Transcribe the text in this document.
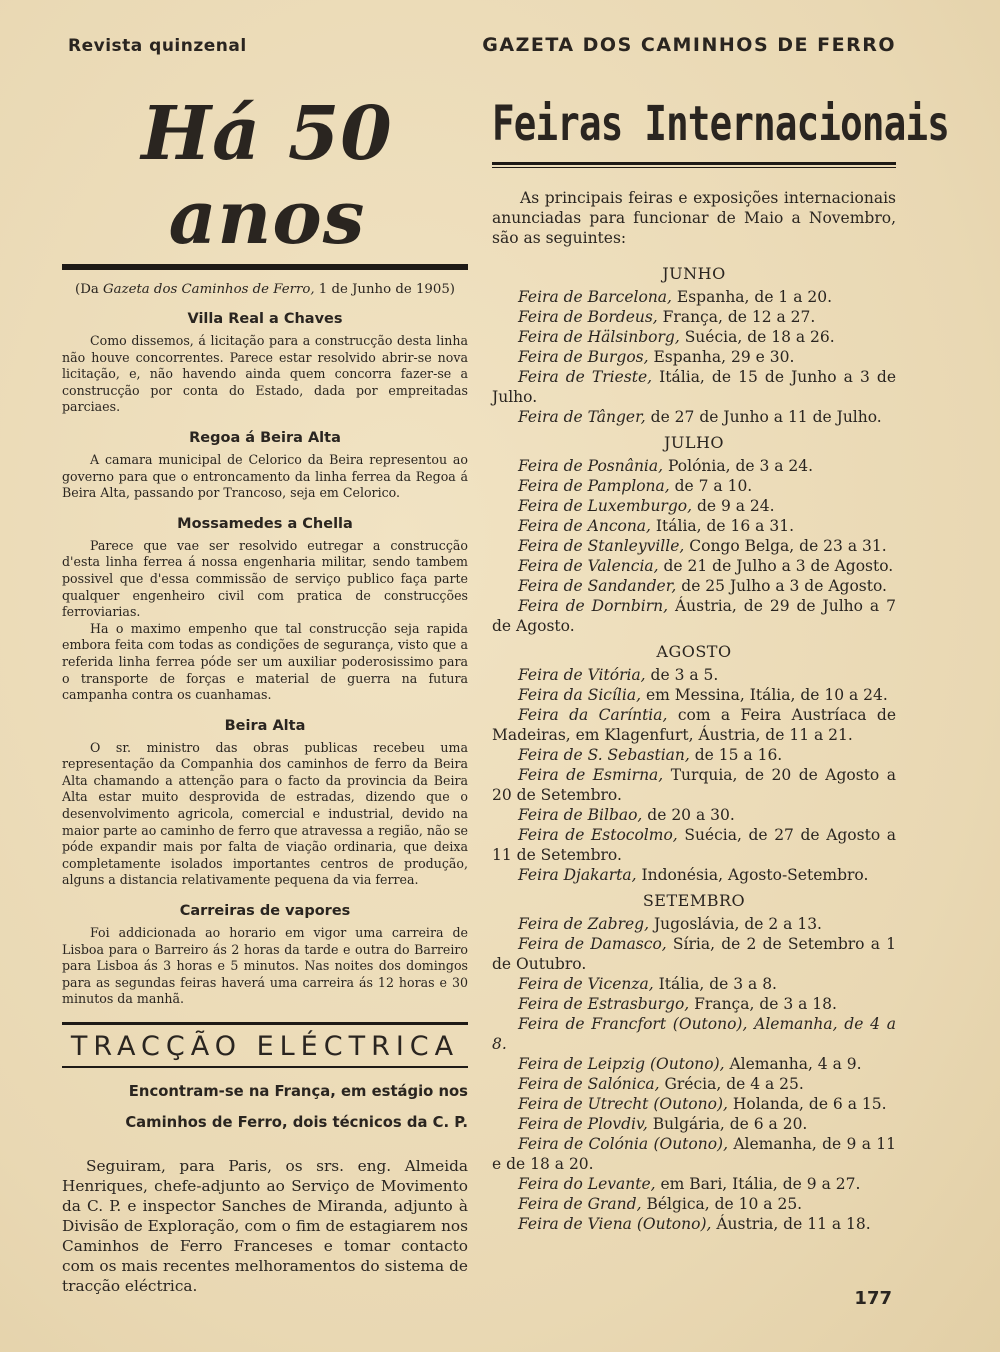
Revista quinzenal	GAZETA DOS CAMINHOS DE FERRO
Há 50 anos
(Da Gazeta dos Caminhos de Ferro, 1 de Junho de 1905)
Villa Real a Chaves

Como dissemos, á licitação para a construcção desta linha não houve concorrentes. Parece estar resolvido abrir-se nova licitação, e, não havendo ainda quem concorra fazer-se a construcção por conta do Estado, dada por empreitadas parciaes.

Regoa á Beira Alta

A camara municipal de Celorico da Beira representou ao governo para que o entroncamento da linha ferrea da Regoa á Beira Alta, passando por Trancoso, seja em Celorico.

Mossamedes a Chella

Parece que vae ser resolvido eutregar a construcção d'esta linha ferrea á nossa engenharia militar, sendo tambem possivel que d'essa commissão de serviço publico faça parte qualquer engenheiro civil com pratica de construcções ferroviarias.

Ha o maximo empenho que tal construcção seja rapida embora feita com todas as condições de segurança, visto que a referida linha ferrea póde ser um auxiliar poderosissimo para o transporte de forças e material de guerra na futura campanha contra os cuanhamas.

Beira Alta

O sr. ministro das obras publicas recebeu uma representação da Companhia dos caminhos de ferro da Beira Alta chamando a attenção para o facto da provincia da Beira Alta estar muito desprovida de estradas, dizendo que o desenvolvimento agricola, comercial e industrial, devido na maior parte ao caminho de ferro que atravessa a região, não se póde expandir mais por falta de viação ordinaria, que deixa completamente isolados importantes centros de produção, alguns a distancia relativamente pequena da via ferrea.

Carreiras de vapores

Foi addicionada ao horario em vigor uma carreira de Lisboa para o Barreiro ás 2 horas da tarde e outra do Barreiro para Lisboa ás 3 horas e 5 minutos. Nas noites dos domingos para as segundas feiras haverá uma carreira ás 12 horas e 30 minutos da manhã.

TRACÇÃO ELÉCTRICA
Encontram-se na França, em estágio nos
Caminhos de Ferro, dois técnicos da C. P.

Seguiram, para Paris, os srs. eng. Almeida Henriques, chefe-adjunto ao Serviço de Movimento da C. P. e inspector Sanches de Miranda, adjunto à Divisão de Exploração, com o fim de estagiarem nos Caminhos de Ferro Franceses e tomar contacto com os mais recentes melhoramentos do sistema de tracção eléctrica.

Feiras Internacionais

As principais feiras e exposições internacionais anunciadas para funcionar de Maio a Novembro, são as seguintes:

JUNHO
Feira de Barcelona, Espanha, de 1 a 20.
Feira de Bordeus, França, de 12 a 27.
Feira de Hälsinborg, Suécia, de 18 a 26.
Feira de Burgos, Espanha, 29 e 30.
Feira de Trieste, Itália, de 15 de Junho a 3 de Julho.
Feira de Tânger, de 27 de Junho a 11 de Julho.
JULHO
Feira de Posnânia, Polónia, de 3 a 24.
Feira de Pamplona, de 7 a 10.
Feira de Luxemburgo, de 9 a 24.
Feira de Ancona, Itália, de 16 a 31.
Feira de Stanleyville, Congo Belga, de 23 a 31.
Feira de Valencia, de 21 de Julho a 3 de Agosto.
Feira de Sandander, de 25 Julho a 3 de Agosto.
Feira de Dornbirn, Áustria, de 29 de Julho a 7 de Agosto.
AGOSTO
Feira de Vitória, de 3 a 5.
Feira da Sicília, em Messina, Itália, de 10 a 24.
Feira da Caríntia, com a Feira Austríaca de Madeiras, em Klagenfurt, Áustria, de 11 a 21.
Feira de S. Sebastian, de 15 a 16.
Feira de Esmirna, Turquia, de 20 de Agosto a 20 de Setembro.
Feira de Bilbao, de 20 a 30.
Feira de Estocolmo, Suécia, de 27 de Agosto a 11 de Setembro.
Feira Djakarta, Indonésia, Agosto-Setembro.
SETEMBRO
Feira de Zabreg, Jugoslávia, de 2 a 13.
Feira de Damasco, Síria, de 2 de Setembro a 1 de Outubro.
Feira de Vicenza, Itália, de 3 a 8.
Feira de Estrasburgo, França, de 3 a 18.
Feira de Francfort (Outono), Alemanha, de 4 a 8.
Feira de Leipzig (Outono), Alemanha, 4 a 9.
Feira de Salónica, Grécia, de 4 a 25.
Feira de Utrecht (Outono), Holanda, de 6 a 15.
Feira de Plovdiv, Bulgária, de 6 a 20.
Feira de Colónia (Outono), Alemanha, de 9 a 11 e de 18 a 20.
Feira do Levante, em Bari, Itália, de 9 a 27.
Feira de Grand, Bélgica, de 10 a 25.
Feira de Viena (Outono), Áustria, de 11 a 18.
177
